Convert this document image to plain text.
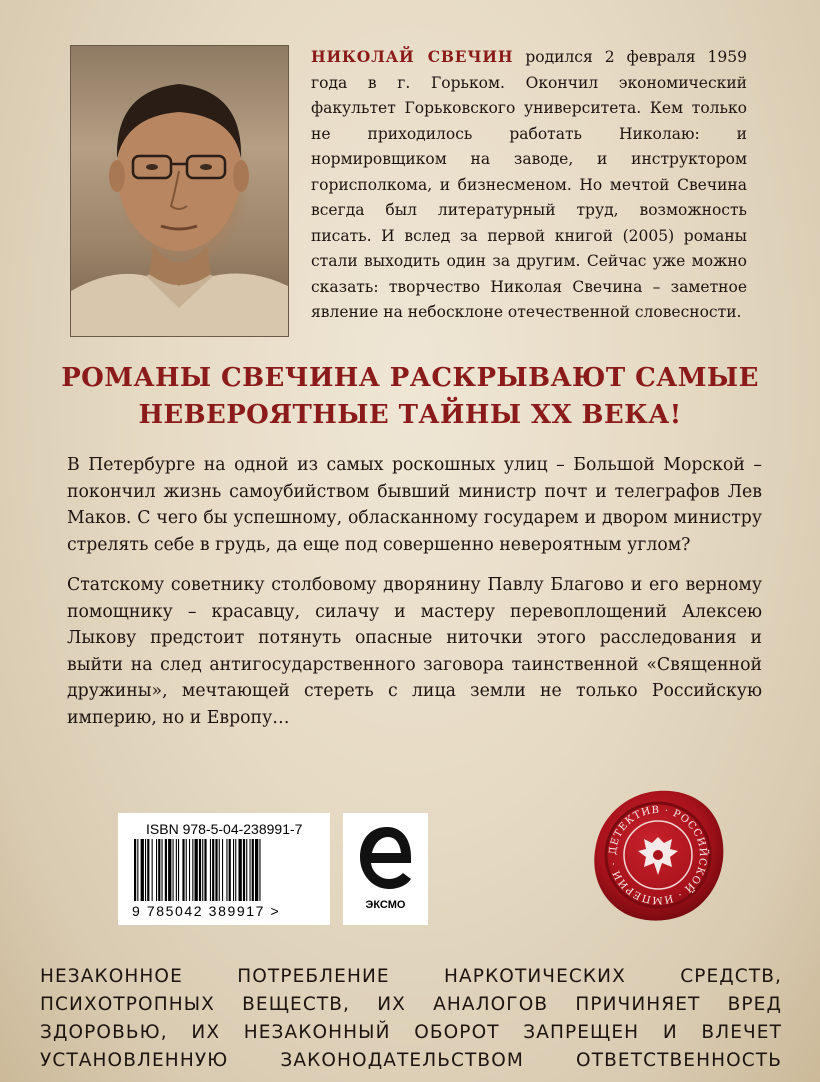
НИКОЛАЙ СВЕЧИН родился 2 февраля 1959 года в г. Горьком. Окончил экономический факультет Горьковского университета. Кем только не приходилось работать Николаю: и нормировщиком на заводе, и инструктором горисполкома, и бизнесменом. Но мечтой Свечина всегда был литературный труд, возможность писать. И вслед за первой книгой (2005) романы стали выходить один за другим. Сейчас уже можно сказать: творчество Николая Свечина – заметное явление на небосклоне отечественной словесности.
РОМАНЫ СВЕЧИНА РАСКРЫВАЮТ САМЫЕ
НЕВЕРОЯТНЫЕ ТАЙНЫ XX ВЕКА!

В Петербурге на одной из самых роскошных улиц – Большой Морской – покончил жизнь самоубийством бывший министр почт и телеграфов Лев Маков. С чего бы успешному, обласканному государем и двором министру стрелять себе в грудь, да еще под совершенно невероятным углом?

Статскому советнику столбовому дворянину Павлу Благово и его верному помощнику – красавцу, силачу и мастеру перевоплощений Алексею Лыкову предстоит потянуть опасные ниточки этого расследования и выйти на след антигосударственного заговора таинственной «Священной дружины», мечтающей стереть с лица земли не только Российскую империю, но и Европу…

ISBN 978-5-04-238991-7
9 785042 389917 >	ЭКСМО
ДЕТЕКТИВ · РОССИЙСКОЙ · ИМПЕРИИ ·
НЕЗАКОННОЕ ПОТРЕБЛЕНИЕ НАРКОТИЧЕСКИХ СРЕДСТВ, ПСИХОТРОПНЫХ ВЕЩЕСТВ, ИХ АНАЛОГОВ ПРИЧИНЯЕТ ВРЕД ЗДОРОВЬЮ, ИХ НЕЗАКОННЫЙ ОБОРОТ ЗАПРЕЩЕН И ВЛЕЧЕТ УСТАНОВЛЕННУЮ ЗАКОНОДАТЕЛЬСТВОМ ОТВЕТСТВЕННОСТЬ
